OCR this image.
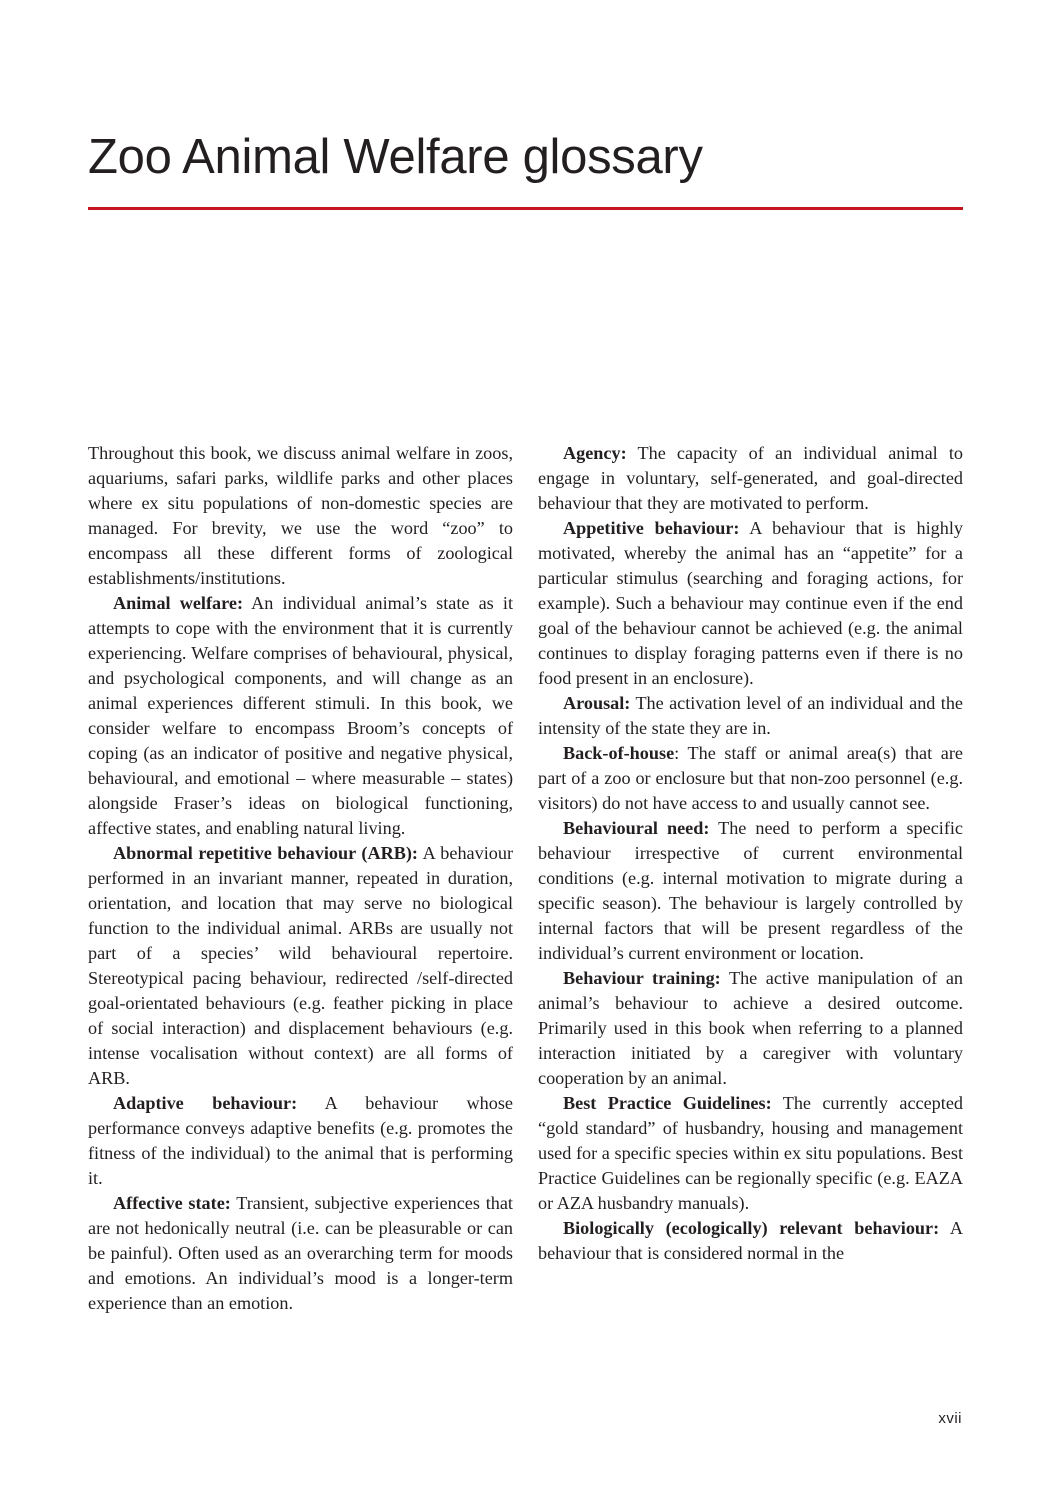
Zoo Animal Welfare glossary

Throughout this book, we discuss animal welfare in zoos, aquariums, safari parks, wildlife parks and other places where ex situ populations of non-domestic species are managed. For brevity, we use the word “zoo” to encompass all these different forms of zoological establishments/institutions.

Animal welfare: An individual animal’s state as it attempts to cope with the environment that it is currently experiencing. Welfare comprises of behavioural, physical, and psychological components, and will change as an animal experiences different stimuli. In this book, we consider welfare to encompass Broom’s concepts of coping (as an indicator of positive and negative physical, behavioural, and emotional – where measurable – states) alongside Fraser’s ideas on biological functioning, affective states, and enabling natural living.

Abnormal repetitive behaviour (ARB): A behaviour performed in an invariant manner, repeated in duration, orientation, and location that may serve no biological function to the individual animal. ARBs are usually not part of a species’ wild behavioural repertoire. Stereotypical pacing behaviour, redirected /self-directed goal-orientated behaviours (e.g. feather picking in place of social interaction) and displacement behaviours (e.g. intense vocalisation without context) are all forms of ARB.

Adaptive behaviour: A behaviour whose performance conveys adaptive benefits (e.g. promotes the fitness of the individual) to the animal that is performing it.

Affective state: Transient, subjective experiences that are not hedonically neutral (i.e. can be pleasurable or can be painful). Often used as an overarching term for moods and emotions. An individual’s mood is a longer-term experience than an emotion.

Agency: The capacity of an individual animal to engage in voluntary, self-generated, and goal-directed behaviour that they are motivated to perform.

Appetitive behaviour: A behaviour that is highly motivated, whereby the animal has an “appetite” for a particular stimulus (searching and foraging actions, for example). Such a behaviour may continue even if the end goal of the behaviour cannot be achieved (e.g. the animal continues to display foraging patterns even if there is no food present in an enclosure).

Arousal: The activation level of an individual and the intensity of the state they are in.

Back-of-house: The staff or animal area(s) that are part of a zoo or enclosure but that non-zoo personnel (e.g. visitors) do not have access to and usually cannot see.

Behavioural need: The need to perform a specific behaviour irrespective of current environmental conditions (e.g. internal motivation to migrate during a specific season). The behaviour is largely controlled by internal factors that will be present regardless of the individual’s current environment or location.

Behaviour training: The active manipulation of an animal’s behaviour to achieve a desired outcome. Primarily used in this book when referring to a planned interaction initiated by a caregiver with voluntary cooperation by an animal.

Best Practice Guidelines: The currently accepted “gold standard” of husbandry, housing and management used for a specific species within ex situ populations. Best Practice Guidelines can be regionally specific (e.g. EAZA or AZA husbandry manuals).

Biologically (ecologically) relevant behaviour: A behaviour that is considered normal in the

xvii
